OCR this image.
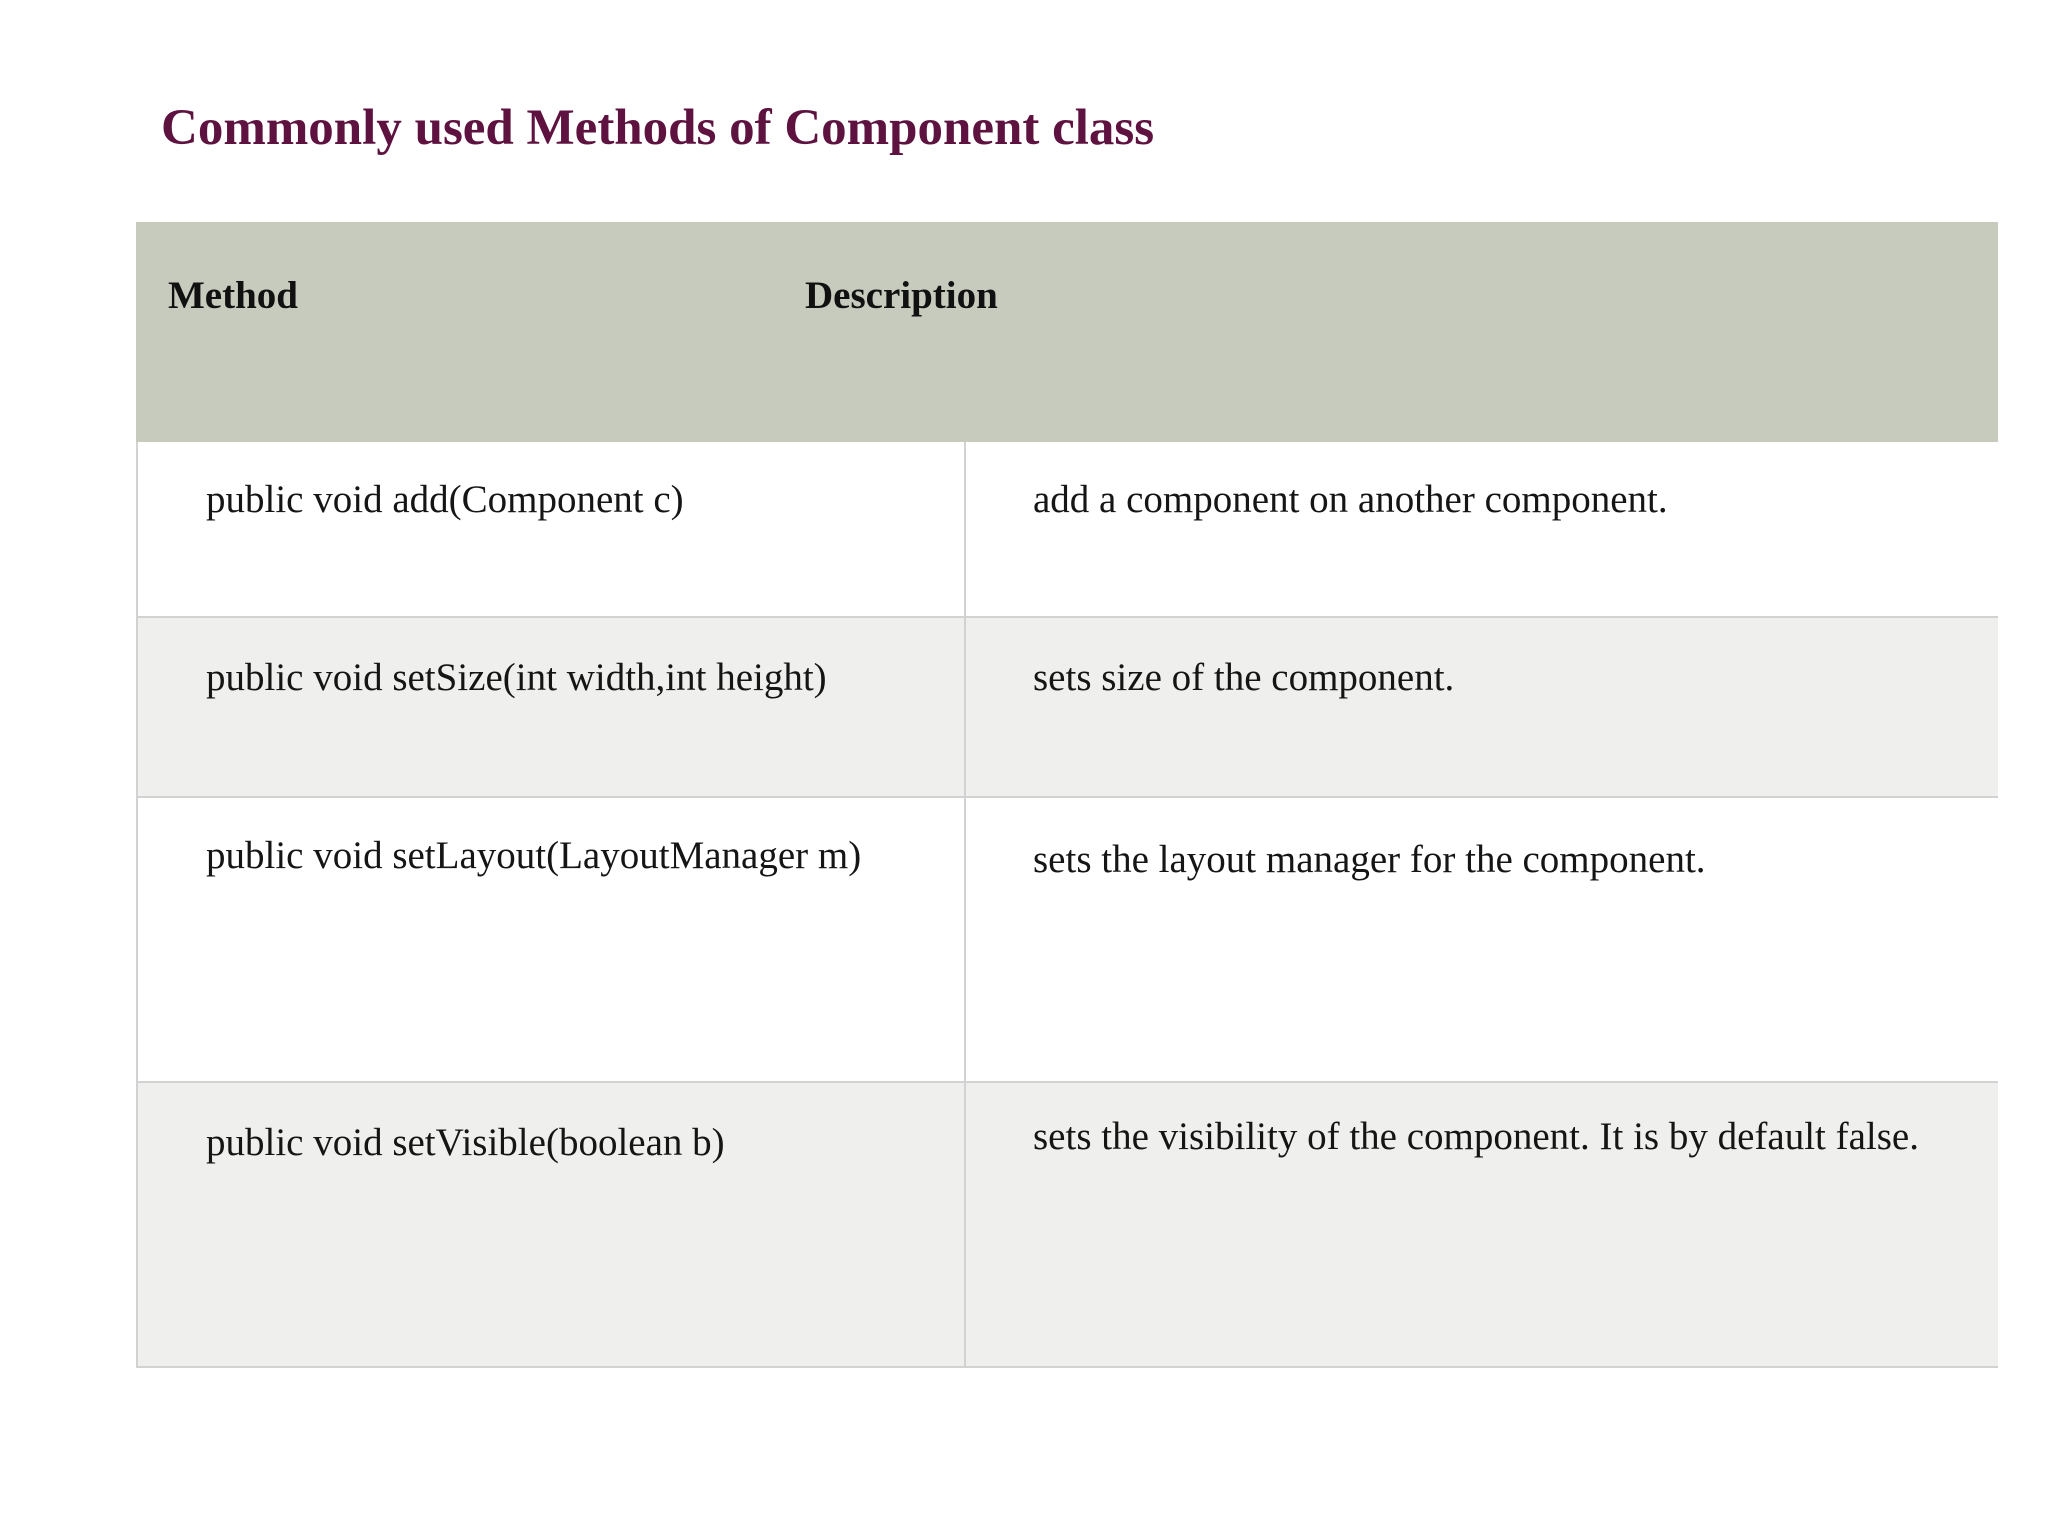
Commonly used Methods of Component class
Method	Description
public void add(Component c)	add a component on another component.
public void setSize(int width,int height)	sets size of the component.
public void setLayout(LayoutManager m)	sets the layout manager for the component.
public void setVisible(boolean b)	sets the visibility of the component. It is by default false.
